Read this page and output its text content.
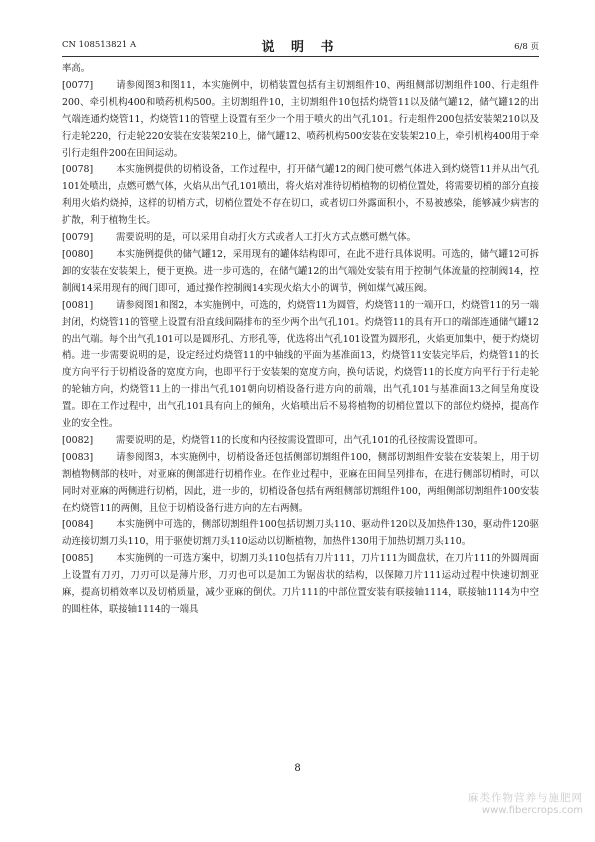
CN 108513821 A	说 明 书	6/8 页

率高。

[0077] 请参阅图3和图11，本实施例中，切梢装置包括有主切割组件10、两组侧部切割组件100、行走组件200、牵引机构400和喷药机构500。主切割组件10，主切割组件10包括灼烧管11以及储气罐12，储气罐12的出气端连通灼烧管11，灼烧管11的管壁上设置有至少一个用于喷火的出气孔101。行走组件200包括安装架210以及行走轮220，行走轮220安装在安装架210上，储气罐12、喷药机构500安装在安装架210上，牵引机构400用于牵引行走组件200在田间运动。

[0078] 本实施例提供的切梢设备，工作过程中，打开储气罐12的阀门使可燃气体进入到灼烧管11并从出气孔101处喷出，点燃可燃气体，火焰从出气孔101喷出，将火焰对准待切梢植物的切梢位置处，将需要切梢的部分直接利用火焰灼烧掉，这样的切梢方式，切梢位置处不存在切口，或者切口外露面积小，不易被感染，能够减少病害的扩散，利于植物生长。

[0079] 需要说明的是，可以采用自动打火方式或者人工打火方式点燃可燃气体。

[0080] 本实施例提供的储气罐12，采用现有的罐体结构即可，在此不进行具体说明。可选的，储气罐12可拆卸的安装在安装架上，便于更换。进一步可选的，在储气罐12的出气端处安装有用于控制气体流量的控制阀14，控制阀14采用现有的阀门即可，通过操作控制阀14实现火焰大小的调节，例如煤气减压阀。

[0081] 请参阅图1和图2，本实施例中，可选的，灼烧管11为圆管，灼烧管11的一端开口，灼烧管11的另一端封闭，灼烧管11的管壁上设置有沿直线间隔排布的至少两个出气孔101。灼烧管11的具有开口的端部连通储气罐12的出气端。每个出气孔101可以是圆形孔、方形孔等，优选将出气孔101设置为圆形孔，火焰更加集中，便于灼烧切梢。进一步需要说明的是，设定经过灼烧管11的中轴线的平面为基准面13，灼烧管11安装完毕后，灼烧管11的长度方向平行于切梢设备的宽度方向，也即平行于安装架的宽度方向，换句话说，灼烧管11的长度方向平行于行走轮的轮轴方向，灼烧管11上的一排出气孔101朝向切梢设备行进方向的前端，出气孔101与基准面13之间呈角度设置。即在工作过程中，出气孔101具有向上的倾角，火焰喷出后不易将植物的切梢位置以下的部位灼烧掉，提高作业的安全性。

[0082] 需要说明的是，灼烧管11的长度和内径按需设置即可，出气孔101的孔径按需设置即可。

[0083] 请参阅图3，本实施例中，切梢设备还包括侧部切割组件100，侧部切割组件安装在安装架上，用于切割植物侧部的枝叶，对亚麻的侧部进行切梢作业。在作业过程中，亚麻在田间呈列排布，在进行侧部切梢时，可以同时对亚麻的两侧进行切梢，因此，进一步的，切梢设备包括有两组侧部切割组件100，两组侧部切割组件100安装在灼烧管11的两侧，且位于切梢设备行进方向的左右两侧。

[0084] 本实施例中可选的，侧部切割组件100包括切割刀头110、驱动件120以及加热件130，驱动件120驱动连接切割刀头110，用于驱使切割刀头110运动以切断植物，加热件130用于加热切割刀头110。

[0085] 本实施例的一可选方案中，切割刀头110包括有刀片111，刀片111为圆盘状，在刀片111的外圆周面上设置有刀刃，刀刃可以是薄片形，刀刃也可以是加工为锯齿状的结构，以保障刀片111运动过程中快速切割亚麻，提高切梢效率以及切梢质量，减少亚麻的倒伏。刀片111的中部位置安装有联接轴1114，联接轴1114为中空的圆柱体，联接轴1114的一端具

8
麻类作物营养与施肥网
www.fibercrops.com
